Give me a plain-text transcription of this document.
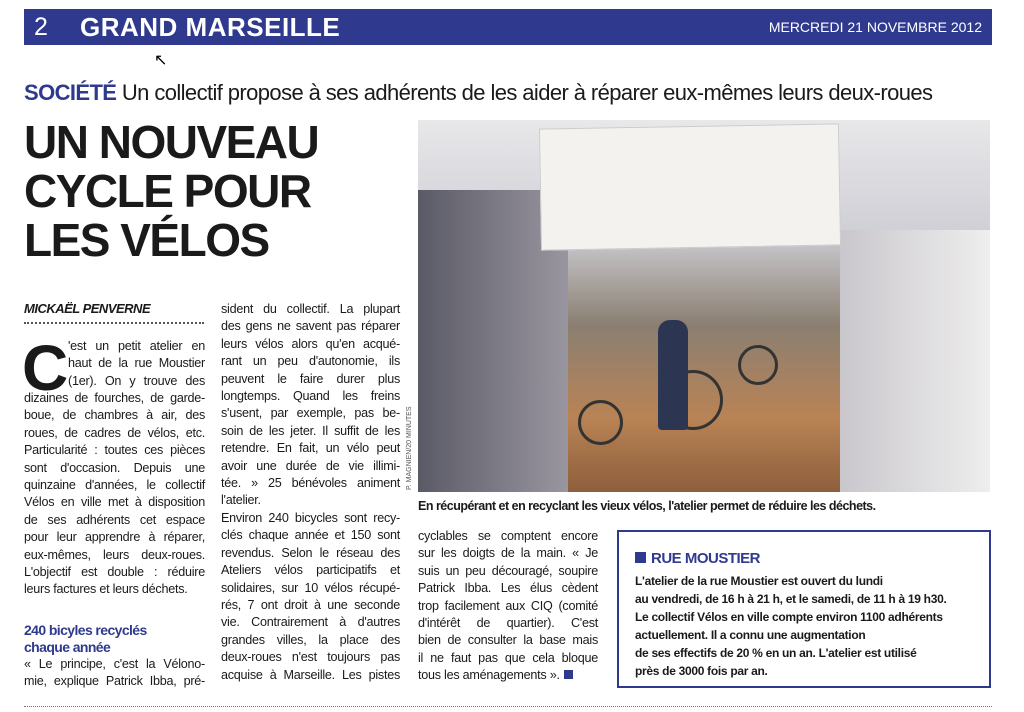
2 GRAND MARSEILLE	MERCREDI 21 NOVEMBRE 2012
↖
SOCIÉTÉ Un collectif propose à ses adhérents de les aider à réparer eux-mêmes leurs deux-roues
UN NOUVEAU
CYCLE POUR
LES VÉLOS
MICKAËL PENVERNE
C 'est un petit atelier en
haut de la rue Moustier
(1er). On y trouve des
dizaines de fourches, de garde-
boue, de chambres à air, des
roues, de cadres de vélos, etc.
Particularité : toutes ces pièces
sont d'occasion. Depuis une
quinzaine d'années, le collectif
Vélos en ville met à disposition
de ses adhérents cet espace
pour leur apprendre à réparer,
eux-mêmes, leurs deux-roues.
L'objectif est double : réduire
leurs factures et leurs déchets.
240 bicyles recyclés
chaque année
« Le principe, c'est la Vélono-
mie, explique Patrick Ibba, pré-
sident du collectif. La plupart
des gens ne savent pas réparer
leurs vélos alors qu'en acqué-
rant un peu d'autonomie, ils
peuvent le faire durer plus
longtemps. Quand les freins
s'usent, par exemple, pas be-
soin de les jeter. Il suffit de les
retendre. En fait, un vélo peut
avoir une durée de vie illimi-
tée. » 25 bénévoles animent
l'atelier.
Environ 240 bicycles sont recy-
clés chaque année et 150 sont
revendus. Selon le réseau des
Ateliers vélos participatifs et
solidaires, sur 10 vélos récupé-
rés, 7 ont droit à une seconde
vie. Contrairement à d'autres
grandes villes, la place des
deux-roues n'est toujours pas
acquise à Marseille. Les pistes
cyclables se comptent encore
sur les doigts de la main. « Je
suis un peu découragé, soupire
Patrick Ibba. Les élus cèdent
trop facilement aux CIQ (comité
d'intérêt de quartier). C'est
bien de consulter la base mais
il ne faut pas que cela bloque
tous les aménagements ».
P. MAGNIEN/20 MINUTES
En récupérant et en recyclant les vieux vélos, l'atelier permet de réduire les déchets.
RUE MOUSTIER
L'atelier de la rue Moustier est ouvert du lundi
au vendredi, de 16 h à 21 h, et le samedi, de 11 h à 19 h30.
Le collectif Vélos en ville compte environ 1100 adhérents
actuellement. Il a connu une augmentation
de ses effectifs de 20 % en un an. L'atelier est utilisé
près de 3000 fois par an.
